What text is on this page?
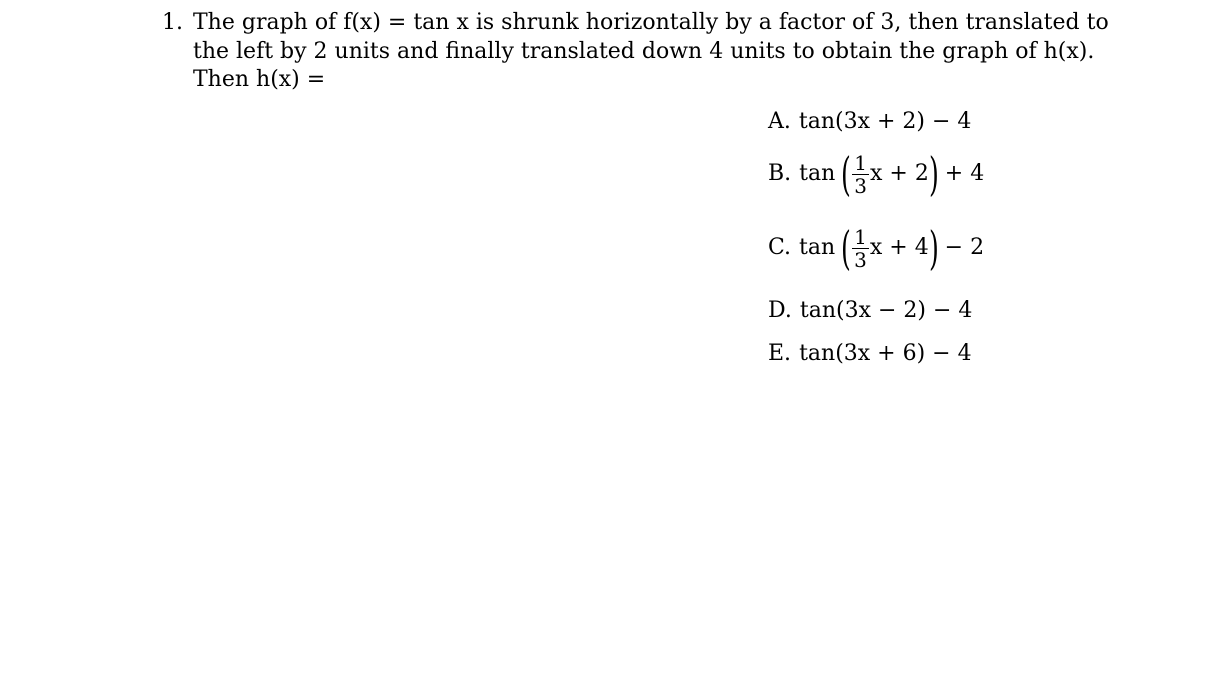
1. The graph of f(x) = tan x is shrunk horizontally by a factor of 3, then translated to
the left by 2 units and finally translated down 4 units to obtain the graph of h(x).
Then h(x) =
A. tan(3x + 2) − 4
B. tan ( $\frac{1}{3}$ x + 2 ) + 4
C. tan ( $\frac{1}{3}$ x + 4 ) − 2
D. tan(3x − 2) − 4
E. tan(3x + 6) − 4
